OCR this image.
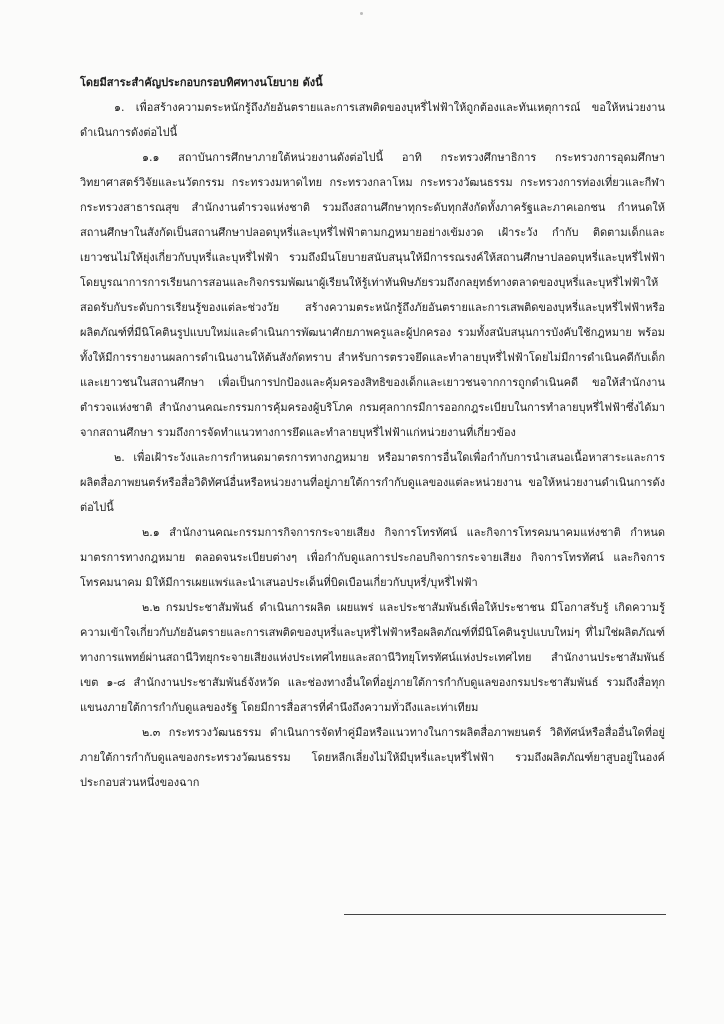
โดยมีสาระสำคัญประกอบกรอบทิศทางนโยบาย ดังนี้

๑. เพื่อสร้างความตระหนักรู้ถึงภัยอันตรายและการเสพติดของบุหรี่ไฟฟ้าให้ถูกต้องและทันเหตุการณ์ ขอให้หน่วยงานดำเนินการดังต่อไปนี้

๑.๑ สถาบันการศึกษาภายใต้หน่วยงานดังต่อไปนี้ อาทิ กระทรวงศึกษาธิการ กระทรวงการอุดมศึกษา วิทยาศาสตร์วิจัยและนวัตกรรม กระทรวงมหาดไทย กระทรวงกลาโหม กระทรวงวัฒนธรรม กระทรวงการท่องเที่ยวและกีฬา กระทรวงสาธารณสุข สำนักงานตำรวจแห่งชาติ รวมถึงสถานศึกษาทุกระดับทุกสังกัดทั้งภาครัฐและภาคเอกชน กำหนดให้สถานศึกษาในสังกัดเป็นสถานศึกษาปลอดบุหรี่และบุหรี่ไฟฟ้าตามกฎหมายอย่างเข้มงวด เฝ้าระวัง กำกับ ติดตามเด็กและเยาวชนไม่ให้ยุ่งเกี่ยวกับบุหรี่และบุหรี่ไฟฟ้า รวมถึงมีนโยบายสนับสนุนให้มีการรณรงค์ให้สถานศึกษาปลอดบุหรี่และบุหรี่ไฟฟ้า โดยบูรณาการการเรียนการสอนและกิจกรรมพัฒนาผู้เรียนให้รู้เท่าทันพิษภัยรวมถึงกลยุทธ์ทางตลาดของบุหรี่และบุหรี่ไฟฟ้าให้สอดรับกับระดับการเรียนรู้ของแต่ละช่วงวัย สร้างความตระหนักรู้ถึงภัยอันตรายและการเสพติดของบุหรี่และบุหรี่ไฟฟ้าหรือผลิตภัณฑ์ที่มีนิโคตินรูปแบบใหม่และดำเนินการพัฒนาศักยภาพครูและผู้ปกครอง รวมทั้งสนับสนุนการบังคับใช้กฎหมาย พร้อมทั้งให้มีการรายงานผลการดำเนินงานให้ต้นสังกัดทราบ สำหรับการตรวจยึดและทำลายบุหรี่ไฟฟ้าโดยไม่มีการดำเนินคดีกับเด็กและเยาวชนในสถานศึกษา เพื่อเป็นการปกป้องและคุ้มครองสิทธิของเด็กและเยาวชนจากการถูกดำเนินคดี ขอให้สำนักงานตำรวจแห่งชาติ สำนักงานคณะกรรมการคุ้มครองผู้บริโภค กรมศุลกากรมีการออกกฎระเบียบในการทำลายบุหรี่ไฟฟ้าซึ่งได้มาจากสถานศึกษา รวมถึงการจัดทำแนวทางการยึดและทำลายบุหรี่ไฟฟ้าแก่หน่วยงานที่เกี่ยวข้อง

๒. เพื่อเฝ้าระวังและการกำหนดมาตรการทางกฎหมาย หรือมาตรการอื่นใดเพื่อกำกับการนำเสนอเนื้อหาสาระและการผลิตสื่อภาพยนตร์หรือสื่อวิดิทัศน์อื่นหรือหน่วยงานที่อยู่ภายใต้การกำกับดูแลของแต่ละหน่วยงาน ขอให้หน่วยงานดำเนินการดังต่อไปนี้

๒.๑ สำนักงานคณะกรรมการกิจการกระจายเสียง กิจการโทรทัศน์ และกิจการโทรคมนาคมแห่งชาติ กำหนดมาตรการทางกฎหมาย ตลอดจนระเบียบต่างๆ เพื่อกำกับดูแลการประกอบกิจการกระจายเสียง กิจการโทรทัศน์ และกิจการโทรคมนาคม มิให้มีการเผยแพร่และนำเสนอประเด็นที่บิดเบือนเกี่ยวกับบุหรี่/บุหรี่ไฟฟ้า

๒.๒ กรมประชาสัมพันธ์ ดำเนินการผลิต เผยแพร่ และประชาสัมพันธ์เพื่อให้ประชาชน มีโอกาสรับรู้ เกิดความรู้ ความเข้าใจเกี่ยวกับภัยอันตรายและการเสพติดของบุหรี่และบุหรี่ไฟฟ้าหรือผลิตภัณฑ์ที่มีนิโคตินรูปแบบใหม่ๆ ที่ไม่ใช่ผลิตภัณฑ์ทางการแพทย์ผ่านสถานีวิทยุกระจายเสียงแห่งประเทศไทยและสถานีวิทยุโทรทัศน์แห่งประเทศไทย สำนักงานประชาสัมพันธ์ เขต ๑-๘ สำนักงานประชาสัมพันธ์จังหวัด และช่องทางอื่นใดที่อยู่ภายใต้การกำกับดูแลของกรมประชาสัมพันธ์ รวมถึงสื่อทุกแขนงภายใต้การกำกับดูแลของรัฐ โดยมีการสื่อสารที่คำนึงถึงความทั่วถึงและเท่าเทียม

๒.๓ กระทรวงวัฒนธรรม ดำเนินการจัดทำคู่มือหรือแนวทางในการผลิตสื่อภาพยนตร์ วิดิทัศน์หรือสื่ออื่นใดที่อยู่ภายใต้การกำกับดูแลของกระทรวงวัฒนธรรม โดยหลีกเลี่ยงไม่ให้มีบุหรี่และบุหรี่ไฟฟ้า รวมถึงผลิตภัณฑ์ยาสูบอยู่ในองค์ประกอบส่วนหนึ่งของฉาก
